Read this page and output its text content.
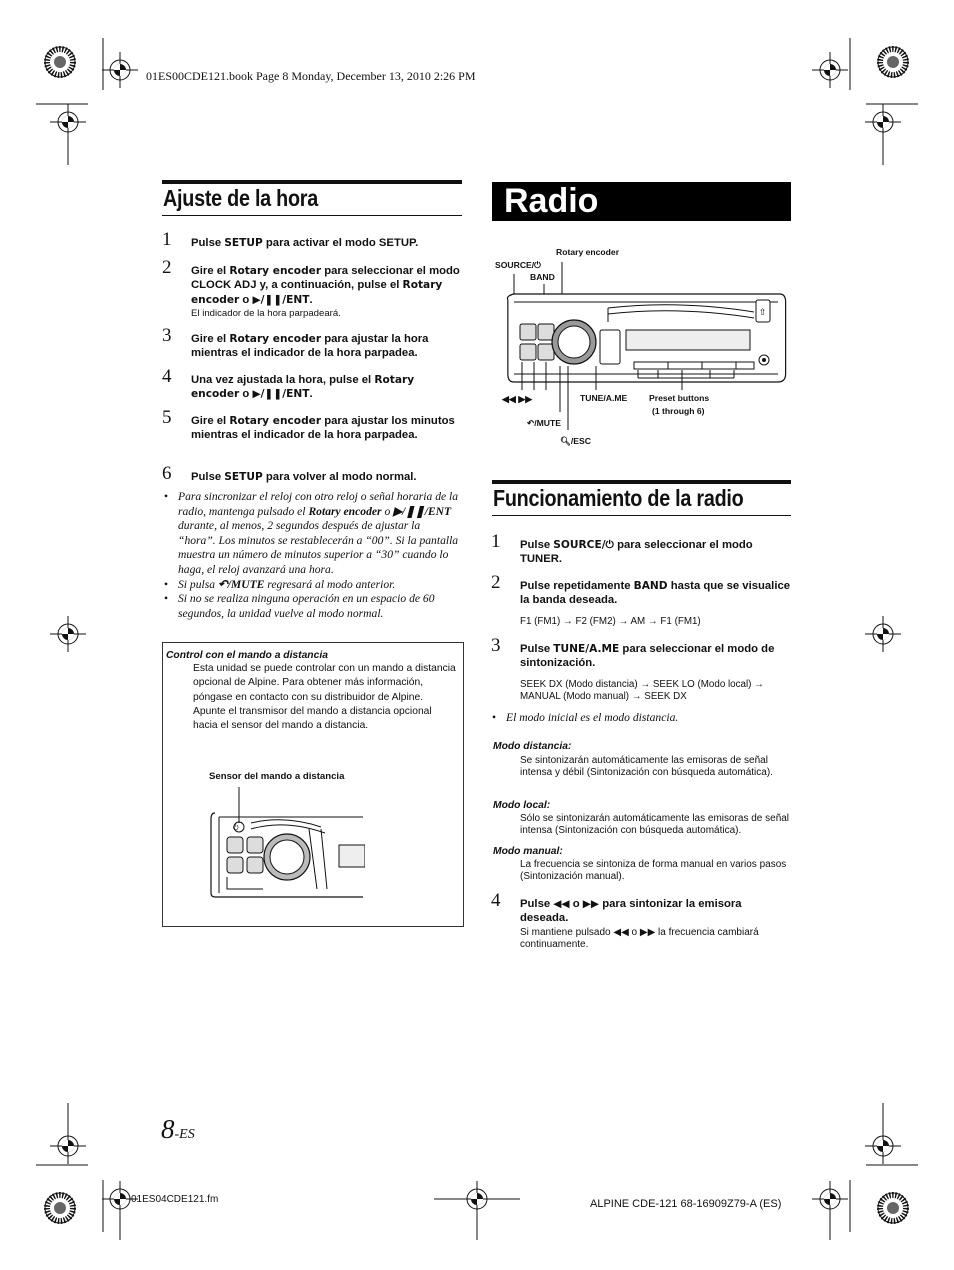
01ES00CDE121.book Page 8 Monday, December 13, 2010 2:26 PM
Ajuste de la hora
1 Pulse SETUP para activar el modo SETUP.
2 Gire el Rotary encoder para seleccionar el modo CLOCK ADJ y, a continuación, pulse el Rotary encoder o ▶/❚❚/ENT.
El indicador de la hora parpadeará.
3 Gire el Rotary encoder para ajustar la hora mientras el indicador de la hora parpadea.
4 Una vez ajustada la hora, pulse el Rotary encoder o ▶/❚❚/ENT.
5 Gire el Rotary encoder para ajustar los minutos mientras el indicador de la hora parpadea.
6 Pulse SETUP para volver al modo normal.
• Para sincronizar el reloj con otro reloj o señal horaria de la radio, mantenga pulsado el Rotary encoder o ▶/❚❚/ENT durante, al menos, 2 segundos después de ajustar la “hora”. Los minutos se restablecerán a “00”. Si la pantalla muestra un número de minutos superior a “30” cuando lo haga, el reloj avanzará una hora.
• Si pulsa ↶/MUTE regresará al modo anterior.
• Si no se realiza ninguna operación en un espacio de 60 segundos, la unidad vuelve al modo normal.
Control con el mando a distancia
Esta unidad se puede controlar con un mando a distancia opcional de Alpine. Para obtener más información, póngase en contacto con su distribuidor de Alpine.
Apunte el transmisor del mando a distancia opcional hacia el sensor del mando a distancia.
Sensor del mando a distancia
⏻
Radio
Rotary encoder
SOURCE/⏻
BAND
⇧
◀◀ ▶▶	TUNE/A.ME	Preset buttons
(1 through 6)
↶/MUTE
🔍︎/ESC
Funcionamiento de la radio
1 Pulse SOURCE/⏻ para seleccionar el modo TUNER.
2 Pulse repetidamente BAND hasta que se visualice la banda deseada.
F1 (FM1) → F2 (FM2) → AM → F1 (FM1)
3 Pulse TUNE/A.ME para seleccionar el modo de sintonización.
SEEK DX (Modo distancia) → SEEK LO (Modo local) → MANUAL (Modo manual) → SEEK DX
• El modo inicial es el modo distancia.
Modo distancia:
Se sintonizarán automáticamente las emisoras de señal intensa y débil (Sintonización con búsqueda automática).
Modo local:
Sólo se sintonizarán automáticamente las emisoras de señal intensa (Sintonización con búsqueda automática).
Modo manual:
La frecuencia se sintoniza de forma manual en varios pasos (Sintonización manual).
4 Pulse ◀◀ o ▶▶ para sintonizar la emisora deseada.
Si mantiene pulsado ◀◀ o ▶▶ la frecuencia cambiará continuamente.
8-ES
01ES04CDE121.fm	ALPINE CDE-121 68-16909Z79-A (ES)
